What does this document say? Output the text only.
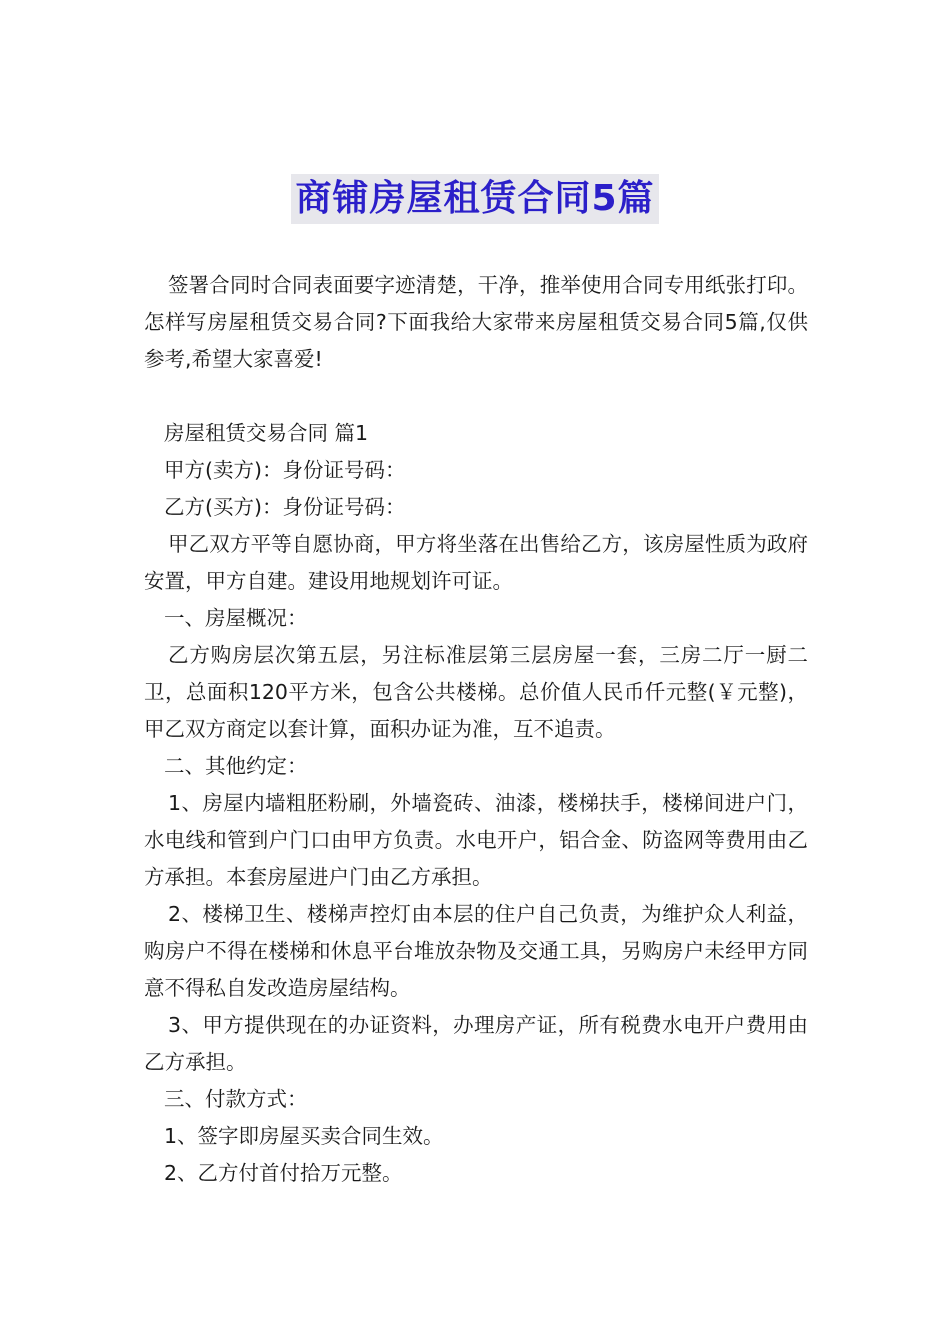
商铺房屋租赁合同5篇

签署合同时合同表面要字迹清楚，干净，推举使用合同专用纸张打印。怎样写房屋租赁交易合同?下面我给大家带来房屋租赁交易合同5篇,仅供参考,希望大家喜爱!

房屋租赁交易合同 篇1

甲方(卖方)：身份证号码：

乙方(买方)：身份证号码：

甲乙双方平等自愿协商，甲方将坐落在出售给乙方，该房屋性质为政府安置，甲方自建。建设用地规划许可证。

一、房屋概况：

乙方购房层次第五层，另注标准层第三层房屋一套，三房二厅一厨二卫，总面积120平方米，包含公共楼梯。总价值人民币仟元整(￥元整)，甲乙双方商定以套计算，面积办证为准，互不追责。

二、其他约定：

1、房屋内墙粗胚粉刷，外墙瓷砖、油漆，楼梯扶手，楼梯间进户门，水电线和管到户门口由甲方负责。水电开户，铝合金、防盗网等费用由乙方承担。本套房屋进户门由乙方承担。

2、楼梯卫生、楼梯声控灯由本层的住户自己负责，为维护众人利益，购房户不得在楼梯和休息平台堆放杂物及交通工具，另购房户未经甲方同意不得私自发改造房屋结构。

3、甲方提供现在的办证资料，办理房产证，所有税费水电开户费用由乙方承担。

三、付款方式：

1、签字即房屋买卖合同生效。

2、乙方付首付拾万元整。
